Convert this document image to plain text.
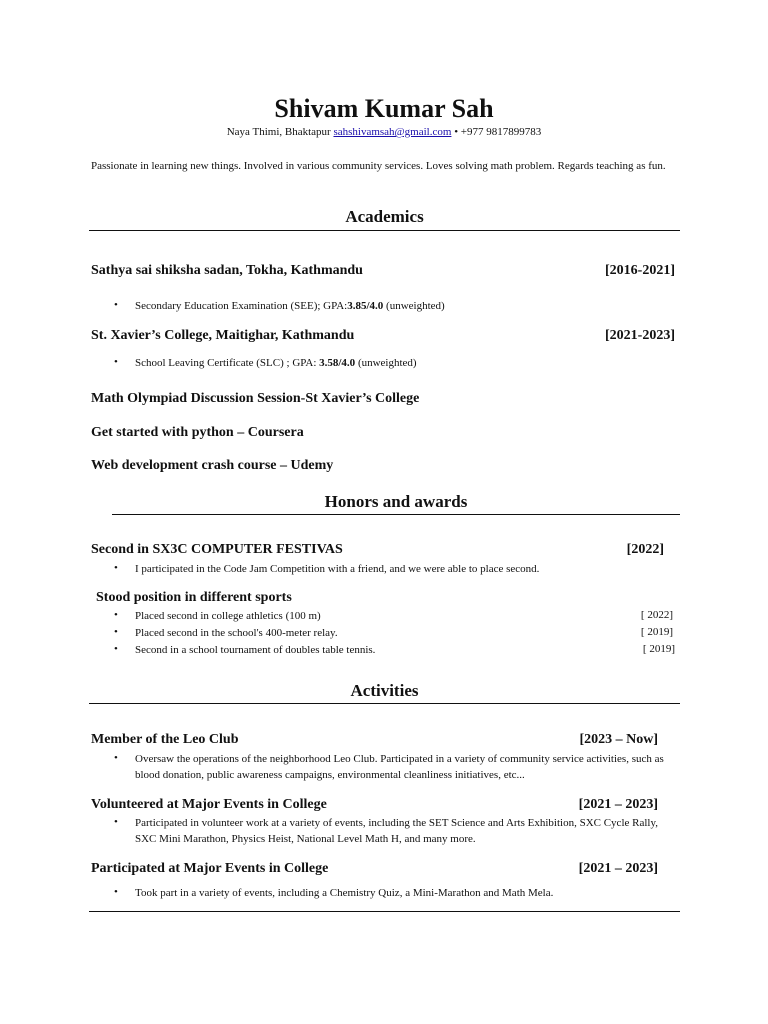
Shivam Kumar Sah
Naya Thimi, Bhaktapur sahshivamsah@gmail.com • +977 9817899783
Passionate in learning new things. Involved in various community services. Loves solving math problem. Regards teaching as fun.
Academics
Sathya sai shiksha sadan, Tokha, Kathmandu	[2016-2021]
• Secondary Education Examination (SEE); GPA:3.85/4.0 (unweighted)
St. Xavier’s College, Maitighar, Kathmandu	[2021-2023]
• School Leaving Certificate (SLC) ; GPA: 3.58/4.0 (unweighted)
Math Olympiad Discussion Session-St Xavier’s College
Get started with python – Coursera
Web development crash course – Udemy
Honors and awards
Second in SX3C COMPUTER FESTIVAS	[2022]
• I participated in the Code Jam Competition with a friend, and we were able to place second.
Stood position in different sports
• Placed second in college athletics (100 m)	[ 2022]
• Placed second in the school's 400-meter relay.	[ 2019]
• Second in a school tournament of doubles table tennis.	[ 2019]
Activities
Member of the Leo Club	[2023 – Now]
• Oversaw the operations of the neighborhood Leo Club. Participated in a variety of community service activities, such as blood donation, public awareness campaigns, environmental cleanliness initiatives, etc...
Volunteered at Major Events in College	[2021 – 2023]
• Participated in volunteer work at a variety of events, including the SET Science and Arts Exhibition, SXC Cycle Rally, SXC Mini Marathon, Physics Heist, National Level Math H, and many more.
Participated at Major Events in College	[2021 – 2023]
• Took part in a variety of events, including a Chemistry Quiz, a Mini-Marathon and Math Mela.
